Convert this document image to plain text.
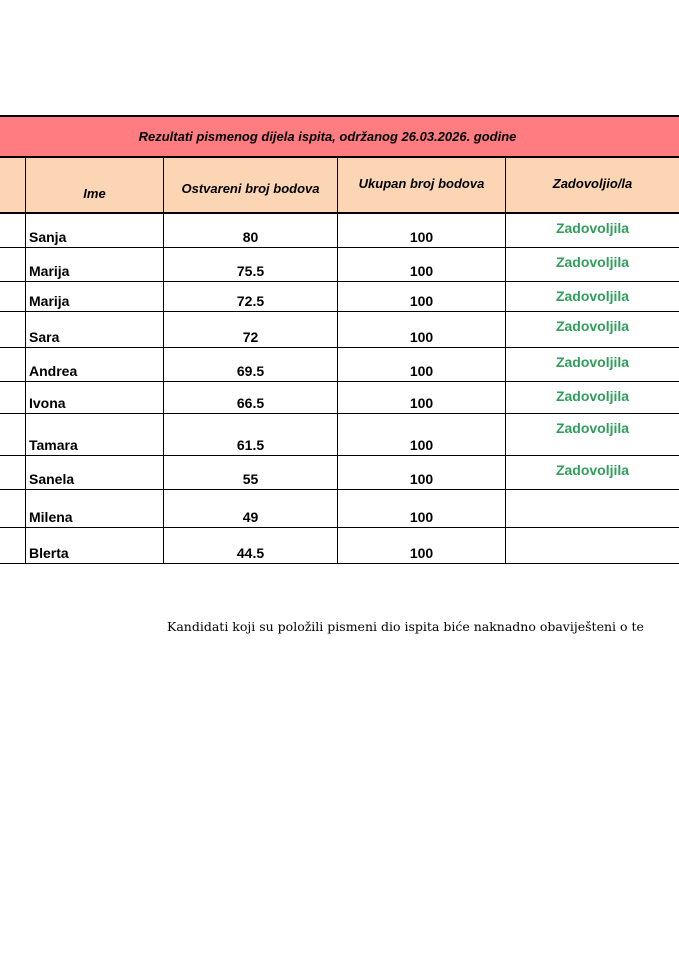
Rezultati pismenog dijela ispita, održanog 26.03.2026. godine				
	Ime	Ostvareni broj bodova	Ukupan broj bodova	Zadovoljio/la
	Sanja	80	100	Zadovoljila
	Marija	75.5	100	Zadovoljila
	Marija	72.5	100	Zadovoljila
	Sara	72	100	Zadovoljila
	Andrea	69.5	100	Zadovoljila
	Ivona	66.5	100	Zadovoljila
	Tamara	61.5	100	Zadovoljila
	Sanela	55	100	Zadovoljila
	Milena	49	100	
	Blerta	44.5	100	
Kandidati koji su položili pismeni dio ispita biće naknadno obaviješteni o te
